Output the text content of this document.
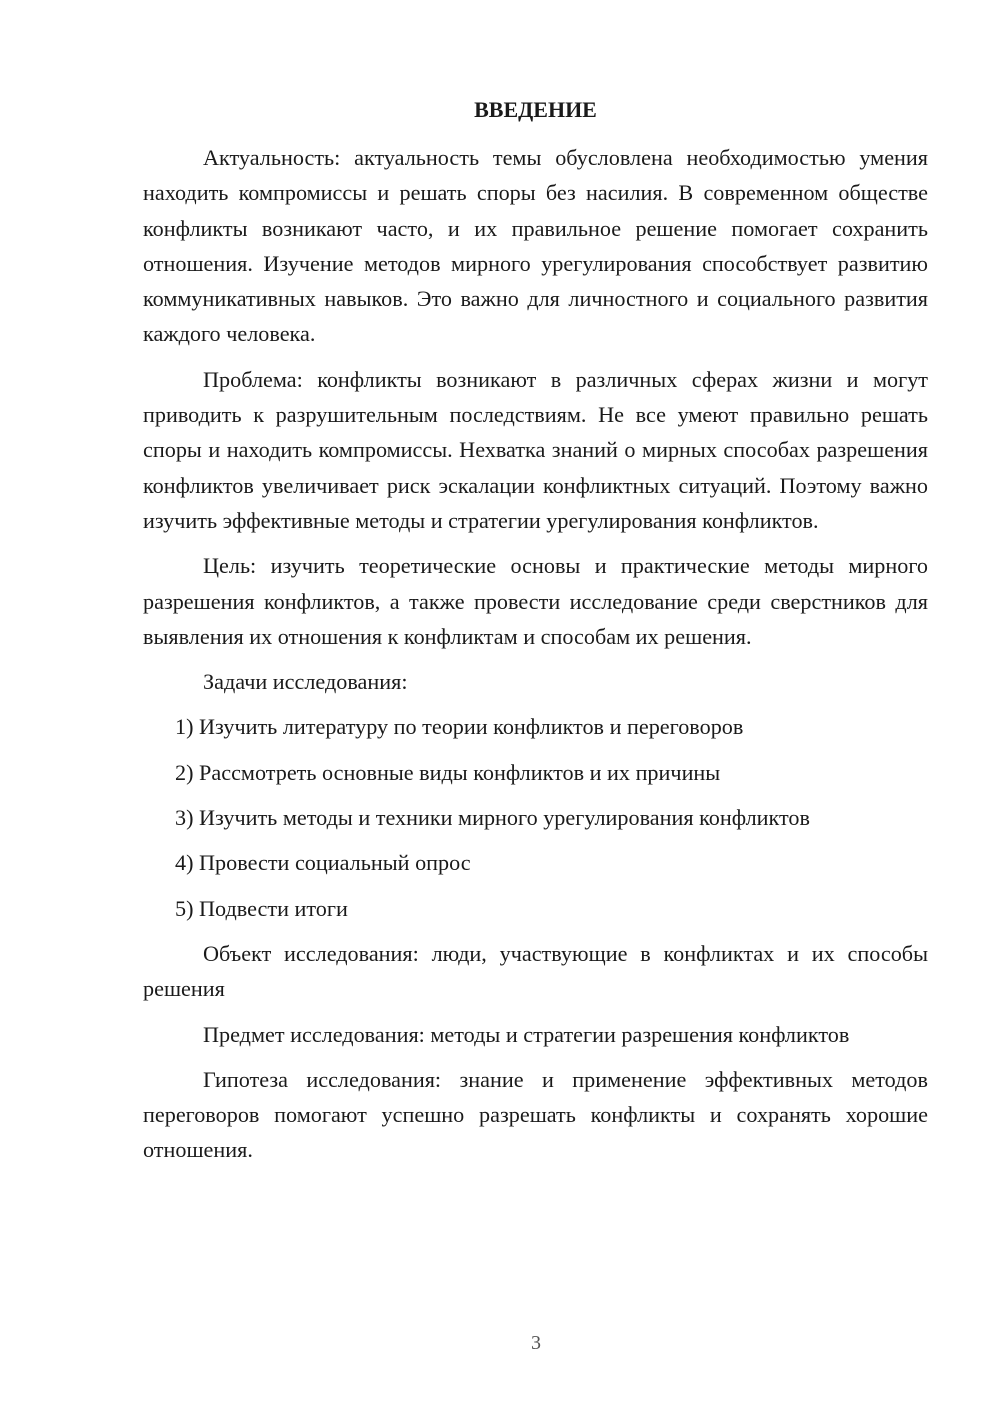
ВВЕДЕНИЕ

Актуальность: актуальность темы обусловлена необходимостью умения находить компромиссы и решать споры без насилия. В современном обществе конфликты возникают часто, и их правильное решение помогает сохранить отношения. Изучение методов мирного урегулирования способствует развитию коммуникативных навыков. Это важно для личностного и социального развития каждого человека.

Проблема: конфликты возникают в различных сферах жизни и могут приводить к разрушительным последствиям. Не все умеют правильно решать споры и находить компромиссы. Нехватка знаний о мирных способах разрешения конфликтов увеличивает риск эскалации конфликтных ситуаций. Поэтому важно изучить эффективные методы и стратегии урегулирования конфликтов.

Цель: изучить теоретические основы и практические методы мирного разрешения конфликтов, а также провести исследование среди сверстников для выявления их отношения к конфликтам и способам их решения.

Задачи исследования:

1) Изучить литературу по теории конфликтов и переговоров
2) Рассмотреть основные виды конфликтов и их причины
3) Изучить методы и техники мирного урегулирования конфликтов
4) Провести социальный опрос
5) Подвести итоги

Объект исследования: люди, участвующие в конфликтах и их способы решения

Предмет исследования: методы и стратегии разрешения конфликтов

Гипотеза исследования: знание и применение эффективных методов переговоров помогают успешно разрешать конфликты и сохранять хорошие отношения.

3
